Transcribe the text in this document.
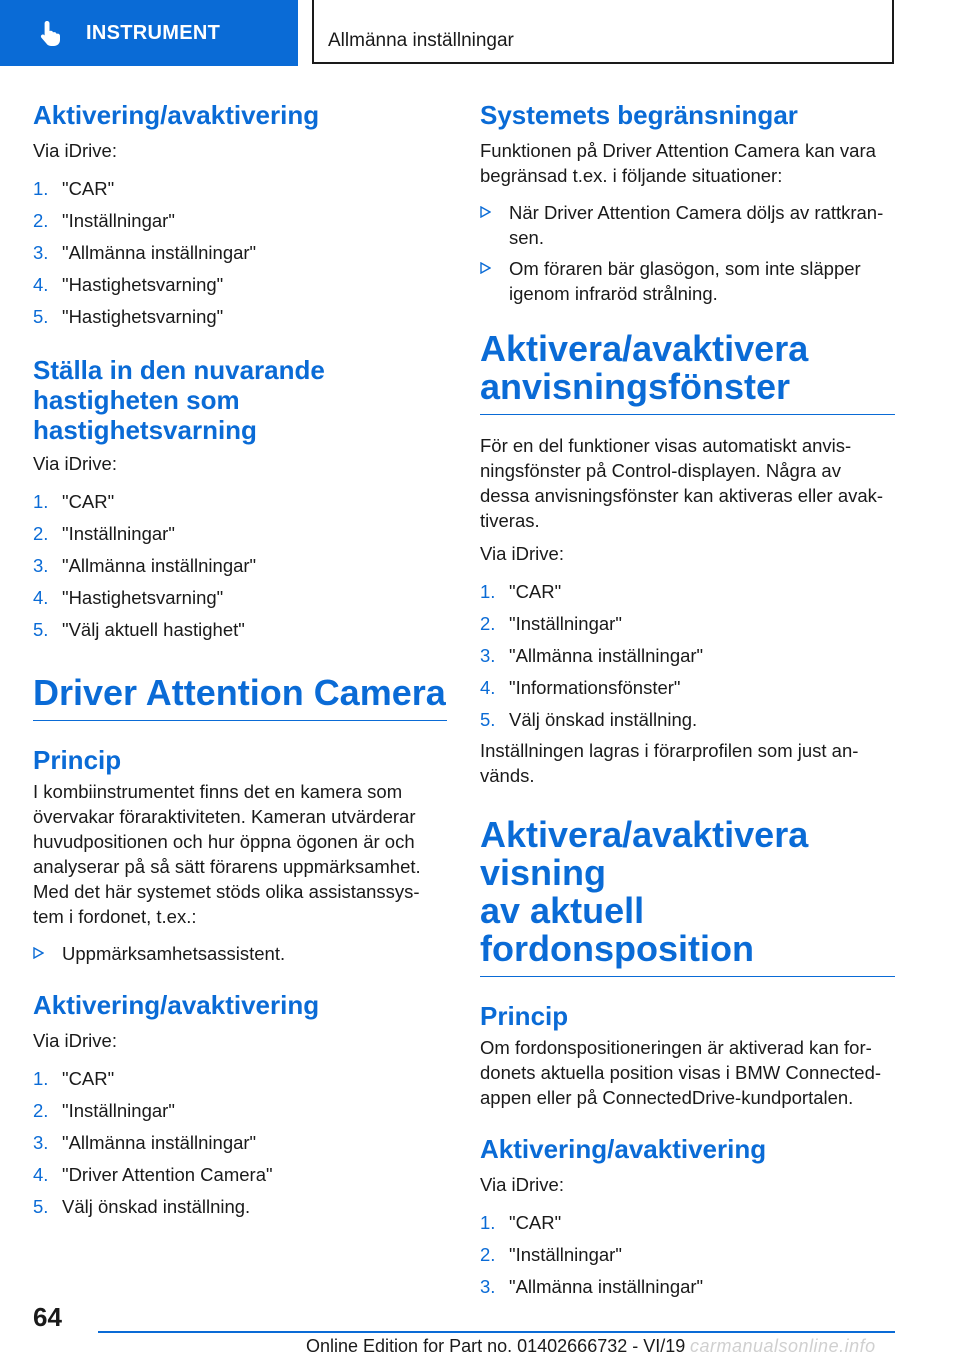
INSTRUMENT	Allmänna inställningar
Aktivering/avaktivering

Via iDrive:

1. "CAR"
2. "Inställningar"
3. "Allmänna inställningar"
4. "Hastighetsvarning"
5. "Hastighetsvarning"
Ställa in den nuvarande
hastigheten som
hastighetsvarning

Via iDrive:

1. "CAR"
2. "Inställningar"
3. "Allmänna inställningar"
4. "Hastighetsvarning"
5. "Välj aktuell hastighet"
Driver Attention Camera
Princip

I kombiinstrumentet finns det en kamera som
övervakar föraraktiviteten. Kameran utvärderar
huvudpositionen och hur öppna ögonen är och
analyserar på så sätt förarens uppmärksamhet.
Med det här systemet stöds olika assistanssys-
tem i fordonet, t.ex.:

Uppmärksamhetsassistent.
Aktivering/avaktivering

Via iDrive:

1. "CAR"
2. "Inställningar"
3. "Allmänna inställningar"
4. "Driver Attention Camera"
5. Välj önskad inställning.
Systemets begränsningar

Funktionen på Driver Attention Camera kan vara
begränsad t.ex. i följande situationer:

När Driver Attention Camera döljs av rattkran-
sen.
Om föraren bär glasögon, som inte släpper
igenom infraröd strålning.
Aktivera/avaktivera
anvisningsfönster

För en del funktioner visas automatiskt anvis-
ningsfönster på Control-displayen. Några av
dessa anvisningsfönster kan aktiveras eller avak-
tiveras.

Via iDrive:

1. "CAR"
2. "Inställningar"
3. "Allmänna inställningar"
4. "Informationsfönster"
5. Välj önskad inställning.

Inställningen lagras i förarprofilen som just an-
vänds.

Aktivera/avaktivera visning
av aktuell fordonsposition
Princip

Om fordonspositioneringen är aktiverad kan for-
donets aktuella position visas i BMW Connected-
appen eller på ConnectedDrive-kundportalen.

Aktivering/avaktivering

Via iDrive:

1. "CAR"
2. "Inställningar"
3. "Allmänna inställningar"
64
Online Edition for Part no. 01402666732 - VI/19 carmanualsonline.info
